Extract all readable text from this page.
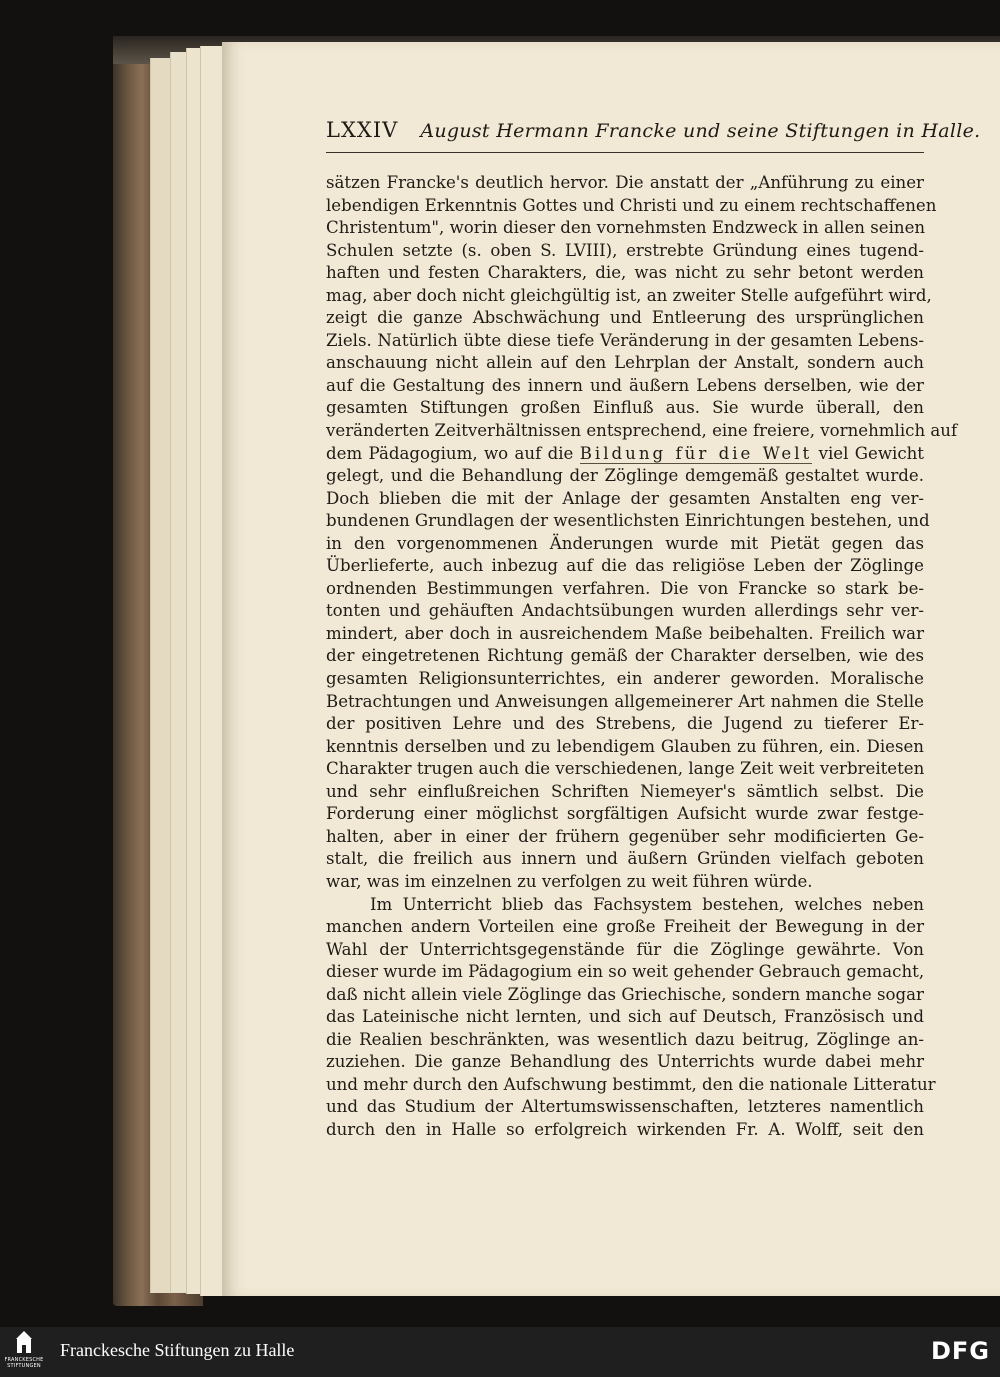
LXXIV August Hermann Francke und seine Stiftungen in Halle.
sätzen Francke's deutlich hervor. Die anstatt der „Anführung zu einer
lebendigen Erkenntnis Gottes und Christi und zu einem rechtschaffenen
Christentum", worin dieser den vornehmsten Endzweck in allen seinen
Schulen setzte (s. oben S. LVIII), erstrebte Gründung eines tugend-
haften und festen Charakters, die, was nicht zu sehr betont werden
mag, aber doch nicht gleichgültig ist, an zweiter Stelle aufgeführt wird,
zeigt die ganze Abschwächung und Entleerung des ursprünglichen
Ziels. Natürlich übte diese tiefe Veränderung in der gesamten Lebens-
anschauung nicht allein auf den Lehrplan der Anstalt, sondern auch
auf die Gestaltung des innern und äußern Lebens derselben, wie der
gesamten Stiftungen großen Einfluß aus. Sie wurde überall, den
veränderten Zeitverhältnissen entsprechend, eine freiere, vornehmlich auf
dem Pädagogium, wo auf die Bildung für die Welt viel Gewicht
gelegt, und die Behandlung der Zöglinge demgemäß gestaltet wurde.
Doch blieben die mit der Anlage der gesamten Anstalten eng ver-
bundenen Grundlagen der wesentlichsten Einrichtungen bestehen, und
in den vorgenommenen Änderungen wurde mit Pietät gegen das
Überlieferte, auch inbezug auf die das religiöse Leben der Zöglinge
ordnenden Bestimmungen verfahren. Die von Francke so stark be-
tonten und gehäuften Andachtsübungen wurden allerdings sehr ver-
mindert, aber doch in ausreichendem Maße beibehalten. Freilich war
der eingetretenen Richtung gemäß der Charakter derselben, wie des
gesamten Religionsunterrichtes, ein anderer geworden. Moralische
Betrachtungen und Anweisungen allgemeinerer Art nahmen die Stelle
der positiven Lehre und des Strebens, die Jugend zu tieferer Er-
kenntnis derselben und zu lebendigem Glauben zu führen, ein. Diesen
Charakter trugen auch die verschiedenen, lange Zeit weit verbreiteten
und sehr einflußreichen Schriften Niemeyer's sämtlich selbst. Die
Forderung einer möglichst sorgfältigen Aufsicht wurde zwar festge-
halten, aber in einer der frühern gegenüber sehr modificierten Ge-
stalt, die freilich aus innern und äußern Gründen vielfach geboten
war, was im einzelnen zu verfolgen zu weit führen würde.
Im Unterricht blieb das Fachsystem bestehen, welches neben
manchen andern Vorteilen eine große Freiheit der Bewegung in der
Wahl der Unterrichtsgegenstände für die Zöglinge gewährte. Von
dieser wurde im Pädagogium ein so weit gehender Gebrauch gemacht,
daß nicht allein viele Zöglinge das Griechische, sondern manche sogar
das Lateinische nicht lernten, und sich auf Deutsch, Französisch und
die Realien beschränkten, was wesentlich dazu beitrug, Zöglinge an-
zuziehen. Die ganze Behandlung des Unterrichts wurde dabei mehr
und mehr durch den Aufschwung bestimmt, den die nationale Litteratur
und das Studium der Altertumswissenschaften, letzteres namentlich
durch den in Halle so erfolgreich wirkenden Fr. A. Wolff, seit den
FRANCKESCHE
STIFTUNGEN
Franckesche Stiftungen zu Halle	DFG
